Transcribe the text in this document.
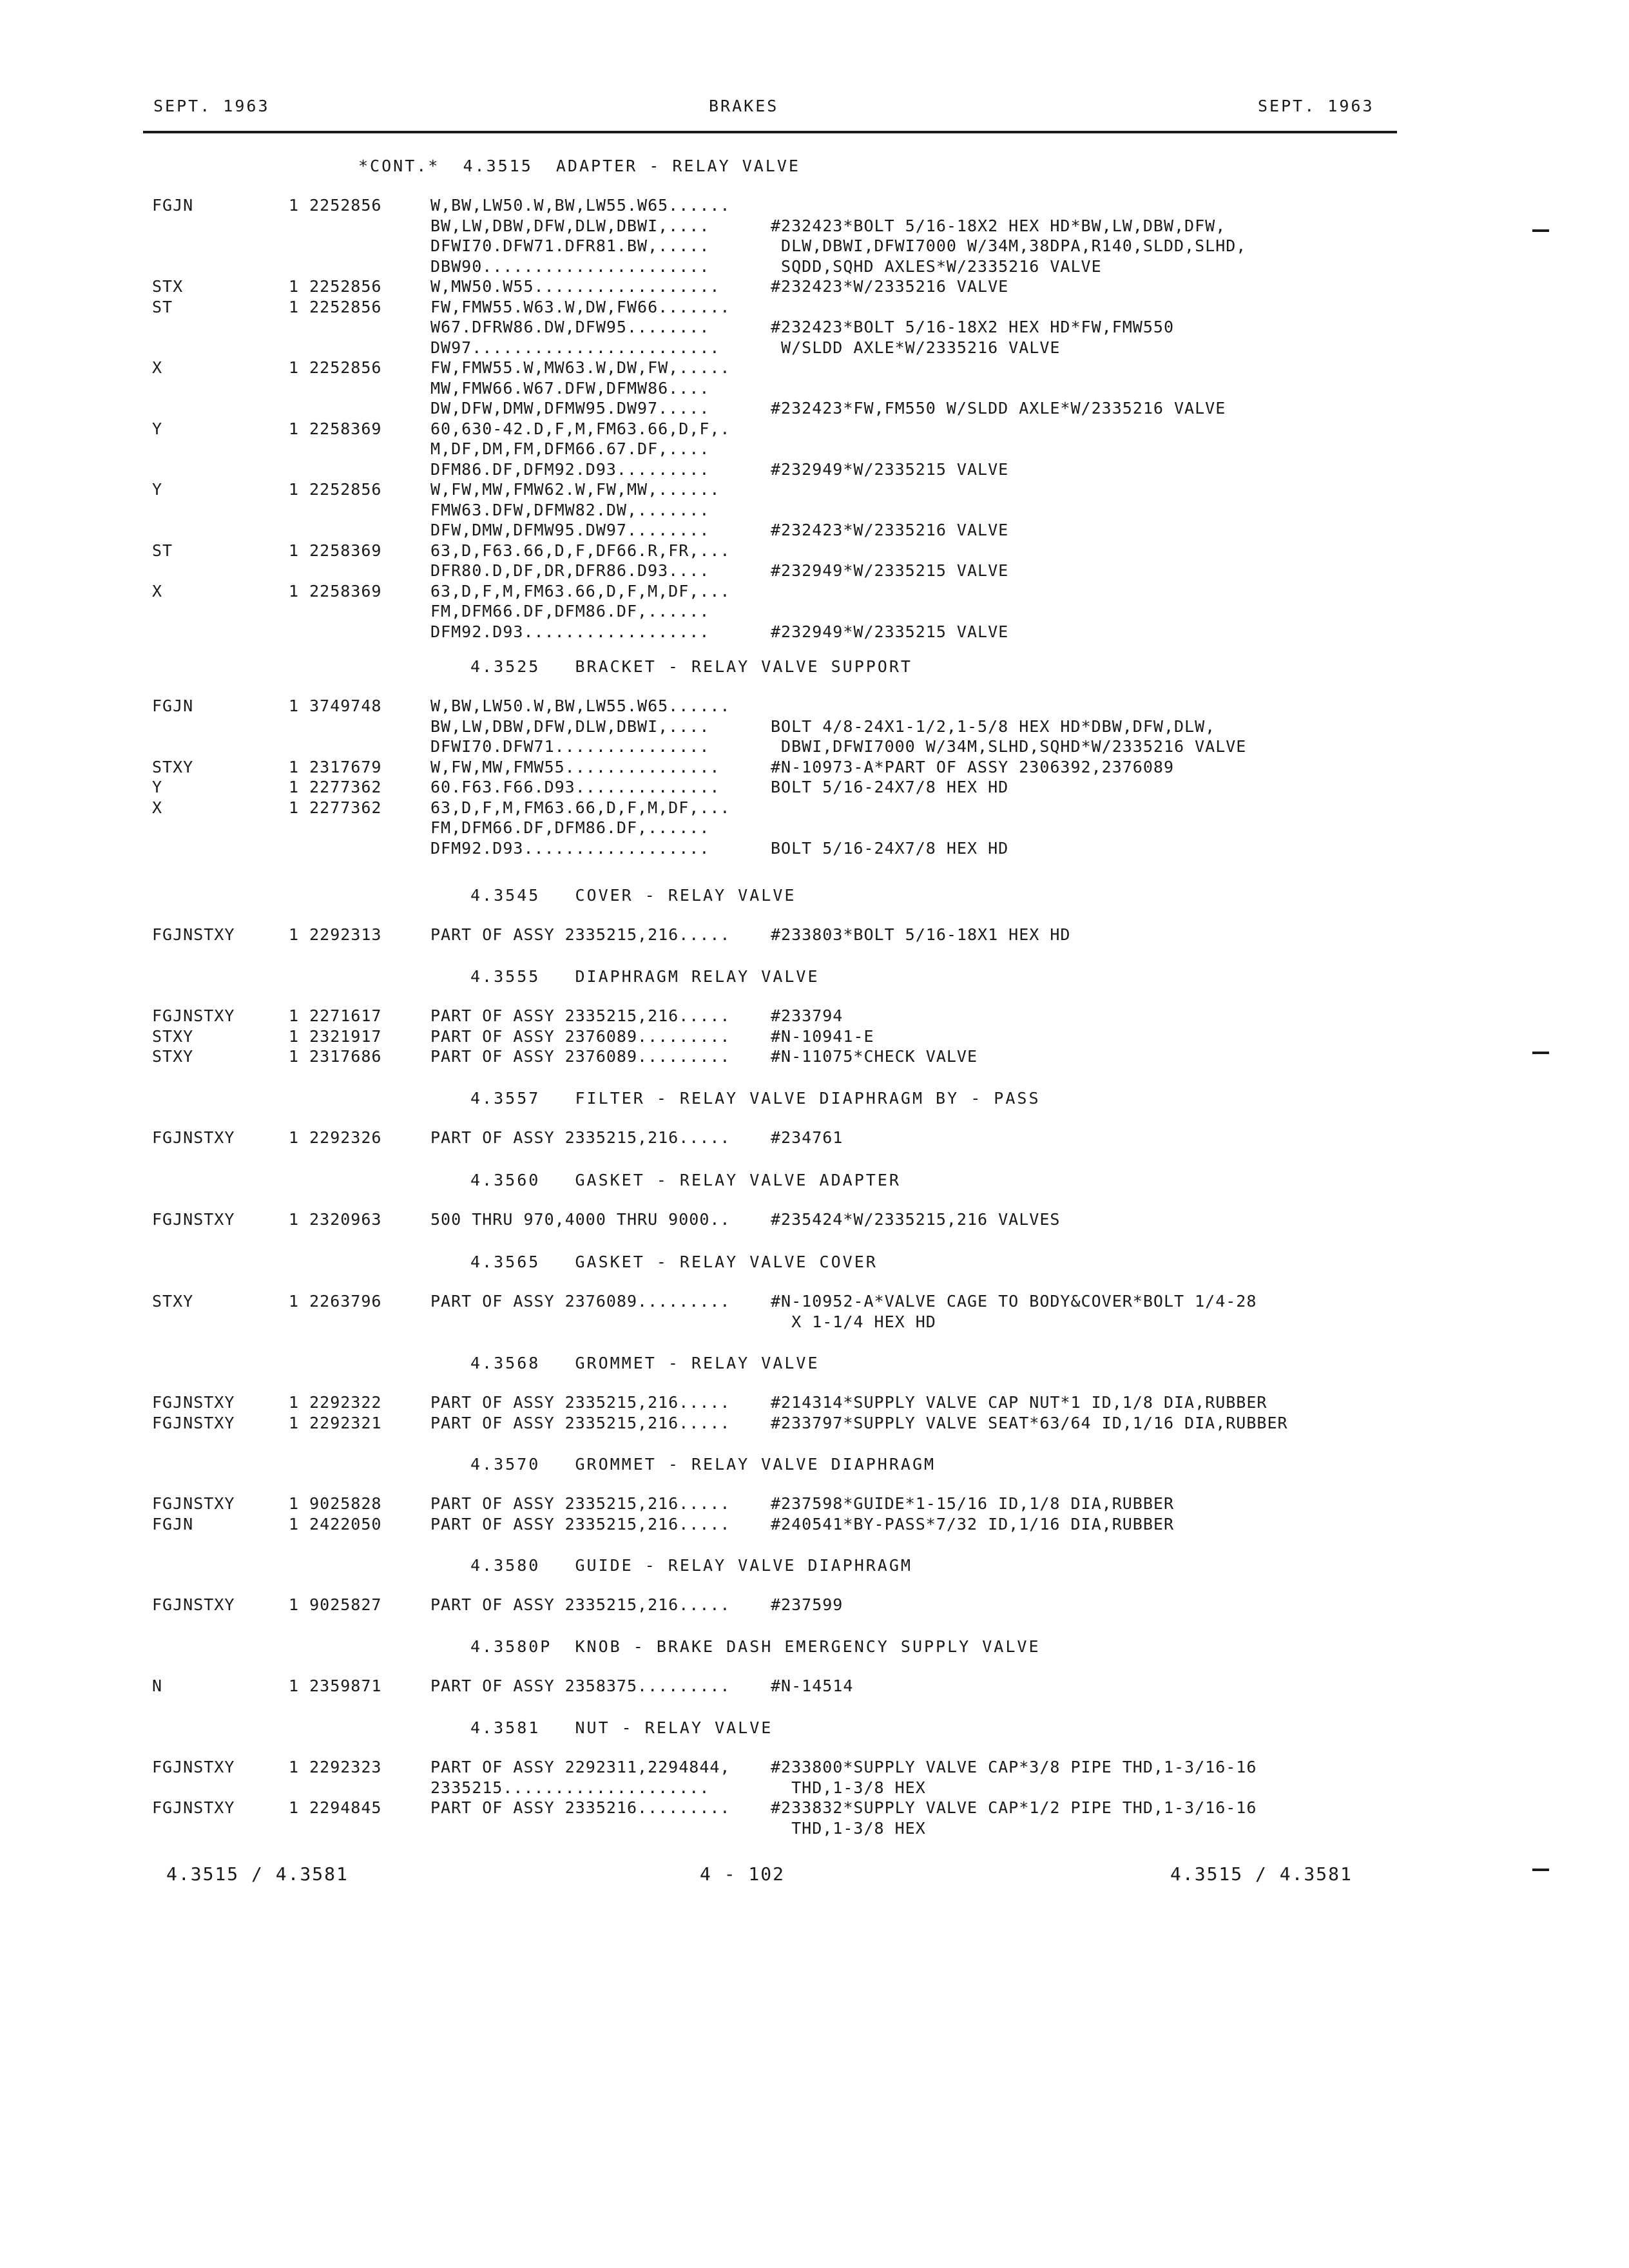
SEPT. 1963	BRAKES	SEPT. 1963
*CONT.*  4.3515  ADAPTER - RELAY VALVE
FGJN	1 2252856	W,BW,LW50.W,BW,LW55.W65......
BW,LW,DBW,DFW,DLW,DBWI,....	#232423*BOLT 5/16-18X2 HEX HD*BW,LW,DBW,DFW,
DFWI70.DFW71.DFR81.BW,.....	DLW,DBWI,DFWI7000 W/34M,38DPA,R140,SLDD,SLHD,
DBW90......................	SQDD,SQHD AXLES*W/2335216 VALVE
STX	1 2252856	W,MW50.W55..................	#232423*W/2335216 VALVE
ST	1 2252856	FW,FMW55.W63.W,DW,FW66.......
W67.DFRW86.DW,DFW95........	#232423*BOLT 5/16-18X2 HEX HD*FW,FMW550
DW97........................	W/SLDD AXLE*W/2335216 VALVE
X	1 2252856	FW,FMW55.W,MW63.W,DW,FW,.....
MW,FMW66.W67.DFW,DFMW86....
DW,DFW,DMW,DFMW95.DW97.....	#232423*FW,FM550 W/SLDD AXLE*W/2335216 VALVE
Y	1 2258369	60,630-42.D,F,M,FM63.66,D,F,.
M,DF,DM,FM,DFM66.67.DF,....
DFM86.DF,DFM92.D93.........	#232949*W/2335215 VALVE
Y	1 2252856	W,FW,MW,FMW62.W,FW,MW,......
FMW63.DFW,DFMW82.DW,.......
DFW,DMW,DFMW95.DW97........	#232423*W/2335216 VALVE
ST	1 2258369	63,D,F63.66,D,F,DF66.R,FR,...
DFR80.D,DF,DR,DFR86.D93....	#232949*W/2335215 VALVE
X	1 2258369	63,D,F,M,FM63.66,D,F,M,DF,...
FM,DFM66.DF,DFM86.DF,......
DFM92.D93..................	#232949*W/2335215 VALVE
4.3525   BRACKET - RELAY VALVE SUPPORT
FGJN	1 3749748	W,BW,LW50.W,BW,LW55.W65......
BW,LW,DBW,DFW,DLW,DBWI,....	BOLT 4/8-24X1-1/2,1-5/8 HEX HD*DBW,DFW,DLW,
DFWI70.DFW71...............	DBWI,DFWI7000 W/34M,SLHD,SQHD*W/2335216 VALVE
STXY	1 2317679	W,FW,MW,FMW55...............	#N-10973-A*PART OF ASSY 2306392,2376089
Y	1 2277362	60.F63.F66.D93..............	BOLT 5/16-24X7/8 HEX HD
X	1 2277362	63,D,F,M,FM63.66,D,F,M,DF,...
FM,DFM66.DF,DFM86.DF,......
DFM92.D93..................	BOLT 5/16-24X7/8 HEX HD
4.3545   COVER - RELAY VALVE
FGJNSTXY	1 2292313	PART OF ASSY 2335215,216.....	#233803*BOLT 5/16-18X1 HEX HD
4.3555   DIAPHRAGM RELAY VALVE
FGJNSTXY	1 2271617	PART OF ASSY 2335215,216.....	#233794
STXY	1 2321917	PART OF ASSY 2376089.........	#N-10941-E
STXY	1 2317686	PART OF ASSY 2376089.........	#N-11075*CHECK VALVE
4.3557   FILTER - RELAY VALVE DIAPHRAGM BY - PASS
FGJNSTXY	1 2292326	PART OF ASSY 2335215,216.....	#234761
4.3560   GASKET - RELAY VALVE ADAPTER
FGJNSTXY	1 2320963	500 THRU 970,4000 THRU 9000..	#235424*W/2335215,216 VALVES
4.3565   GASKET - RELAY VALVE COVER
STXY	1 2263796	PART OF ASSY 2376089.........	#N-10952-A*VALVE CAGE TO BODY&COVER*BOLT 1/4-28
X 1-1/4 HEX HD
4.3568   GROMMET - RELAY VALVE
FGJNSTXY	1 2292322	PART OF ASSY 2335215,216.....	#214314*SUPPLY VALVE CAP NUT*1 ID,1/8 DIA,RUBBER
FGJNSTXY	1 2292321	PART OF ASSY 2335215,216.....	#233797*SUPPLY VALVE SEAT*63/64 ID,1/16 DIA,RUBBER
4.3570   GROMMET - RELAY VALVE DIAPHRAGM
FGJNSTXY	1 9025828	PART OF ASSY 2335215,216.....	#237598*GUIDE*1-15/16 ID,1/8 DIA,RUBBER
FGJN	1 2422050	PART OF ASSY 2335215,216.....	#240541*BY-PASS*7/32 ID,1/16 DIA,RUBBER
4.3580   GUIDE - RELAY VALVE DIAPHRAGM
FGJNSTXY	1 9025827	PART OF ASSY 2335215,216.....	#237599
4.3580P  KNOB - BRAKE DASH EMERGENCY SUPPLY VALVE
N	1 2359871	PART OF ASSY 2358375.........	#N-14514
4.3581   NUT - RELAY VALVE
FGJNSTXY	1 2292323	PART OF ASSY 2292311,2294844,	#233800*SUPPLY VALVE CAP*3/8 PIPE THD,1-3/16-16
2335215....................	THD,1-3/8 HEX
FGJNSTXY	1 2294845	PART OF ASSY 2335216.........	#233832*SUPPLY VALVE CAP*1/2 PIPE THD,1-3/16-16
THD,1-3/8 HEX
4.3515 / 4.3581	4 - 102	4.3515 / 4.3581
